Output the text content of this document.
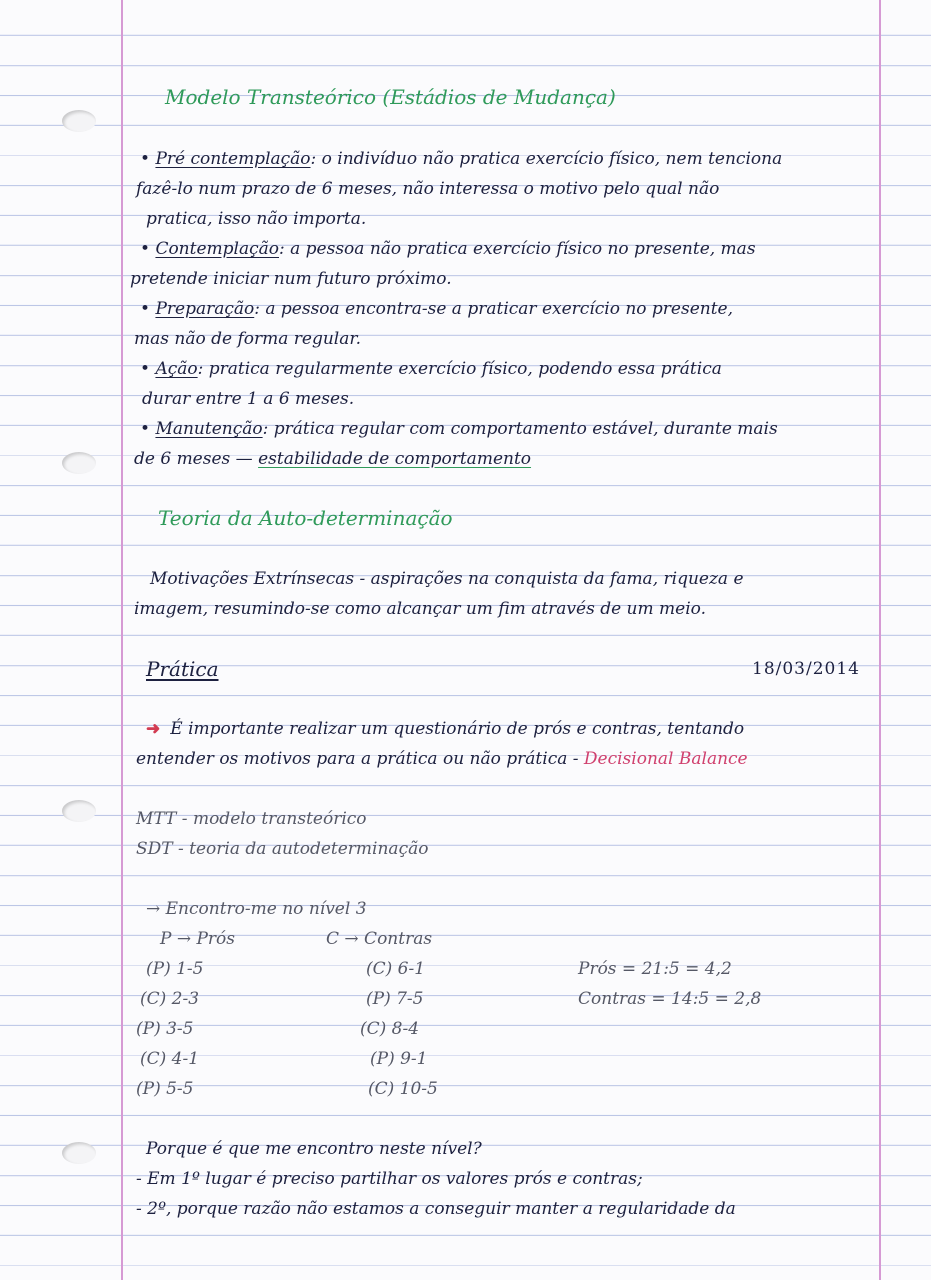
Modelo Transteórico (Estádios de Mudança)
• Pré contemplação: o indivíduo não pratica exercício físico, nem tenciona
fazê-lo num prazo de 6 meses, não interessa o motivo pelo qual não
pratica, isso não importa.
• Contemplação: a pessoa não pratica exercício físico no presente, mas
pretende iniciar num futuro próximo.
• Preparação: a pessoa encontra-se a praticar exercício no presente,
mas não de forma regular.
• Ação: pratica regularmente exercício físico, podendo essa prática
durar entre 1 a 6 meses.
• Manutenção: prática regular com comportamento estável, durante mais
de 6 meses — estabilidade de comportamento
Teoria da Auto-determinação
Motivações Extrínsecas - aspirações na conquista da fama, riqueza e
imagem, resumindo-se como alcançar um fim através de um meio.
Prática	18/03/2014
➜ É importante realizar um questionário de prós e contras, tentando
entender os motivos para a prática ou não prática - Decisional Balance
MTT - modelo transteórico
SDT - teoria da autodeterminação
→ Encontro-me no nível 3
P → Prós	C → Contras
(P) 1-5
(C) 2-3
(P) 3-5
(C) 4-1
(P) 5-5
(C) 6-1
(P) 7-5
(C) 8-4
(P) 9-1
(C) 10-5
Prós = 21:5 = 4,2
Contras = 14:5 = 2,8
Porque é que me encontro neste nível?
- Em 1º lugar é preciso partilhar os valores prós e contras;
- 2º, porque razão não estamos a conseguir manter a regularidade da
